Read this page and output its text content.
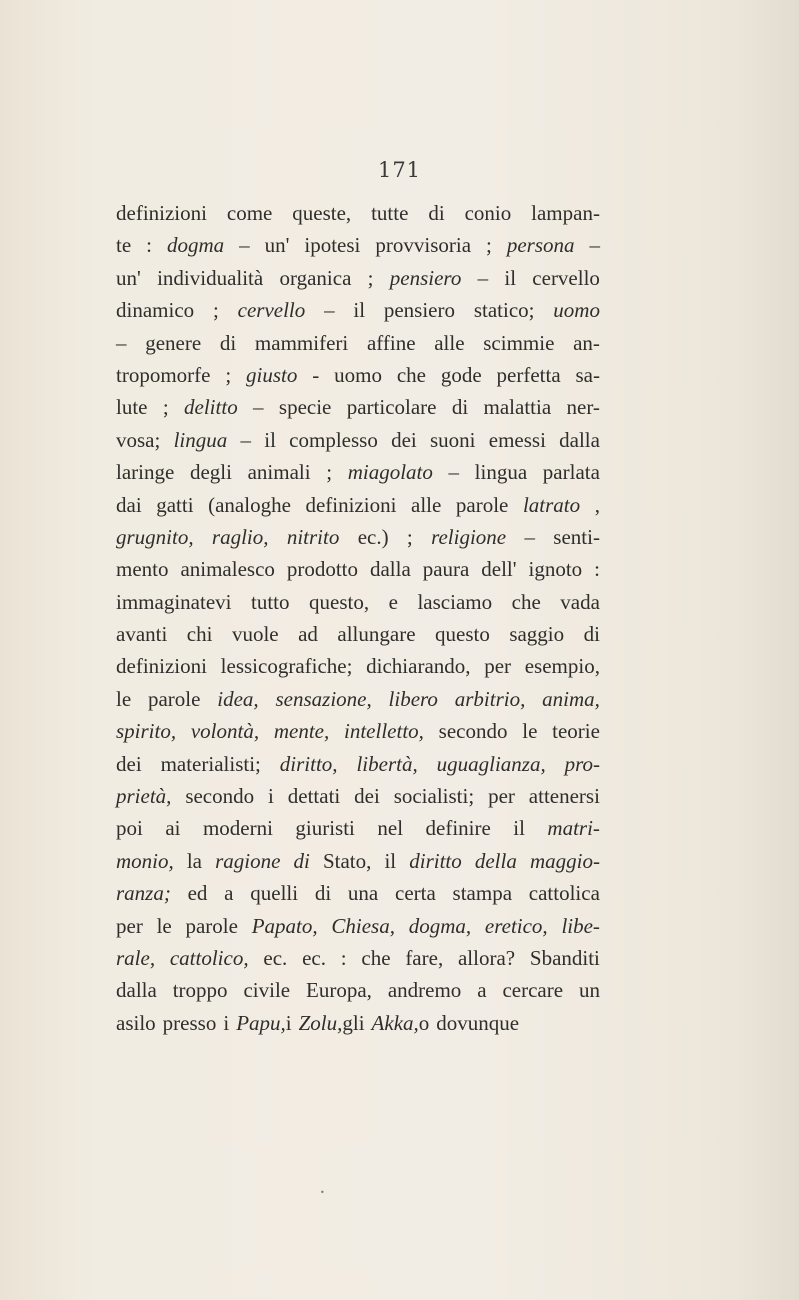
171
definizioni come queste, tutte di conio lampan-
te : dogma – un' ipotesi provvisoria ; persona –
un' individualità organica ; pensiero – il cervello
dinamico ; cervello – il pensiero statico; uomo
– genere di mammiferi affine alle scimmie an-
tropomorfe ; giusto - uomo che gode perfetta sa-
lute ; delitto – specie particolare di malattia ner-
vosa; lingua – il complesso dei suoni emessi dalla
laringe degli animali ; miagolato – lingua parlata
dai gatti (analoghe definizioni alle parole latrato ,
grugnito, raglio, nitrito ec.) ; religione – senti-
mento animalesco prodotto dalla paura dell' ignoto :
immaginatevi tutto questo, e lasciamo che vada
avanti chi vuole ad allungare questo saggio di
definizioni lessicografiche; dichiarando, per esempio,
le parole idea, sensazione, libero arbitrio, anima,
spirito, volontà, mente, intelletto, secondo le teorie
dei materialisti; diritto, libertà, uguaglianza, pro-
prietà, secondo i dettati dei socialisti; per attenersi
poi ai moderni giuristi nel definire il matri-
monio, la ragione di Stato, il diritto della maggio-
ranza; ed a quelli di una certa stampa cattolica
per le parole Papato, Chiesa, dogma, eretico, libe-
rale, cattolico, ec. ec. : che fare, allora? Sbanditi
dalla troppo civile Europa, andremo a cercare un
asilo presso i Papu, i Zolu, gli Akka, o dovunque
•
